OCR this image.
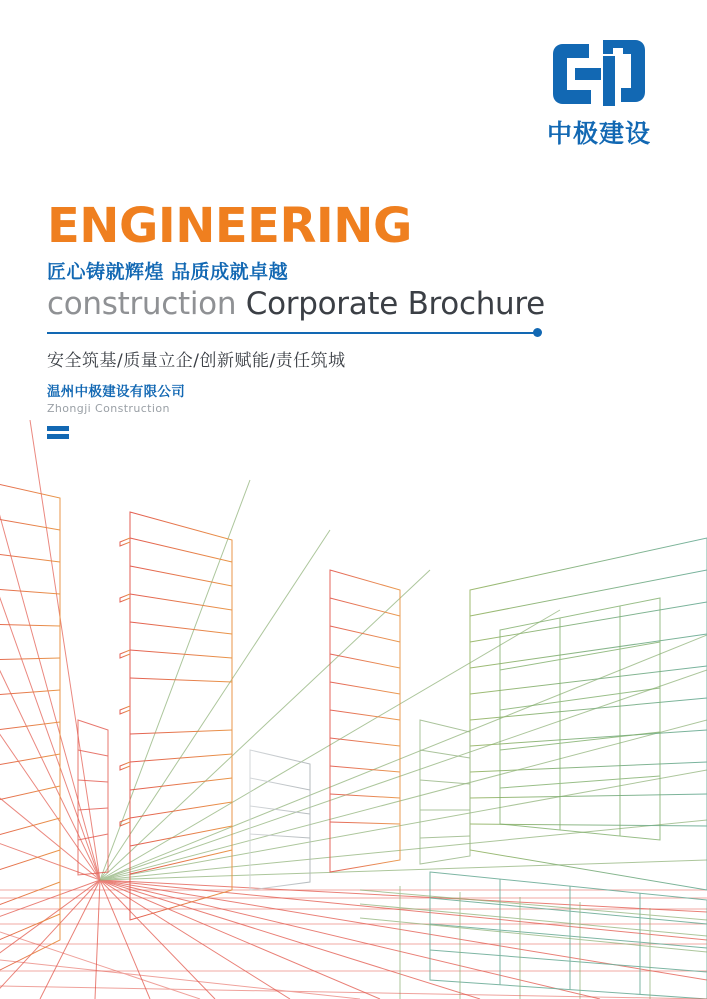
中极建设
ENGINEERING
匠心铸就辉煌 品质成就卓越
construction Corporate Brochure
安全筑基/质量立企/创新赋能/责任筑城
温州中极建设有限公司
Zhongji Construction
